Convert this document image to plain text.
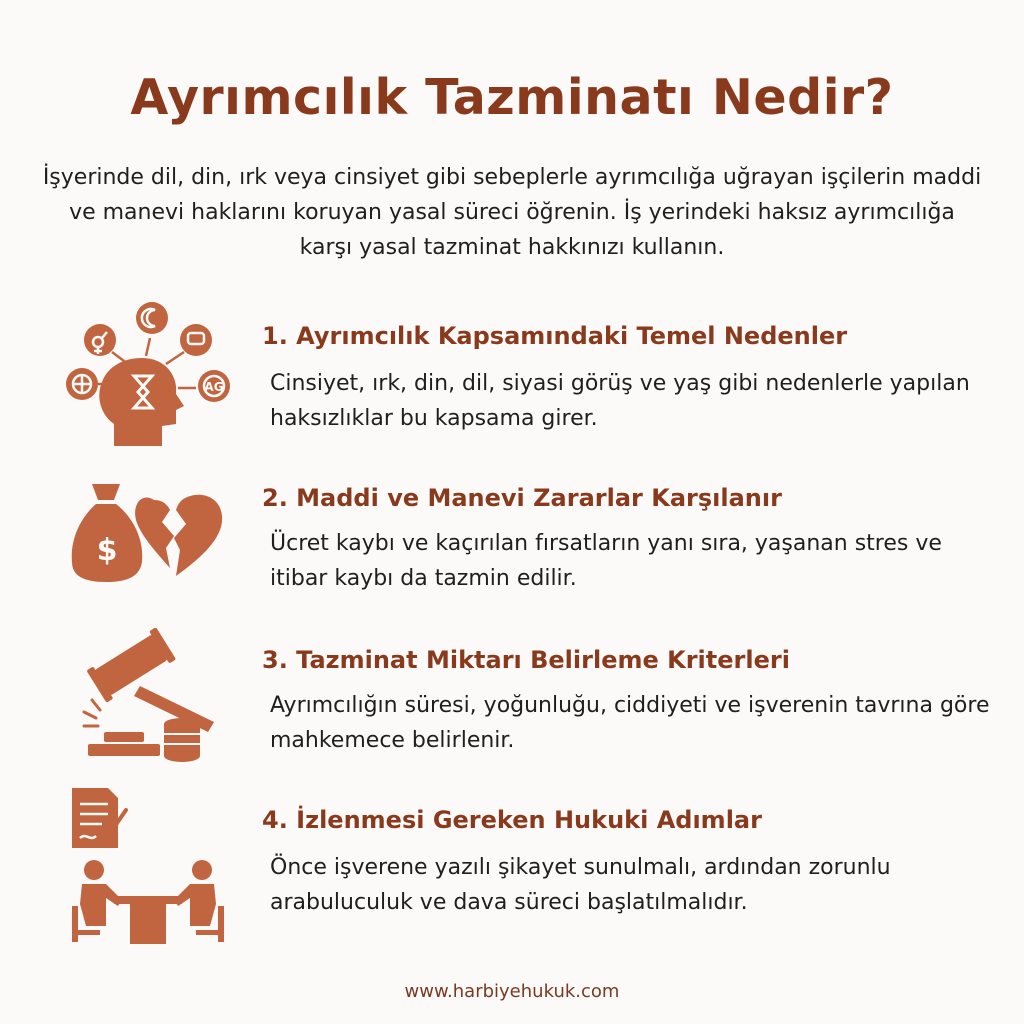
Ayrımcılık Tazminatı Nedir?

İşyerinde dil, din, ırk veya cinsiyet gibi sebeplerle ayrımcılığa uğrayan işçilerin maddi ve manevi haklarını koruyan yasal süreci öğrenin. İş yerindeki haksız ayrımcılığa karşı yasal tazminat hakkınızı kullanın.

AG
1. Ayrımcılık Kapsamındaki Temel Nedenler

Cinsiyet, ırk, din, dil, siyasi görüş ve yaş gibi nedenlerle yapılan haksızlıklar bu kapsama girer.

$
2. Maddi ve Manevi Zararlar Karşılanır

Ücret kaybı ve kaçırılan fırsatların yanı sıra, yaşanan stres ve itibar kaybı da tazmin edilir.

3. Tazminat Miktarı Belirleme Kriterleri

Ayrımcılığın süresi, yoğunluğu, ciddiyeti ve işverenin tavrına göre mahkemece belirlenir.

4. İzlenmesi Gereken Hukuki Adımlar

Önce işverene yazılı şikayet sunulmalı, ardından zorunlu arabuluculuk ve dava süreci başlatılmalıdır.

www.harbiyehukuk.com
